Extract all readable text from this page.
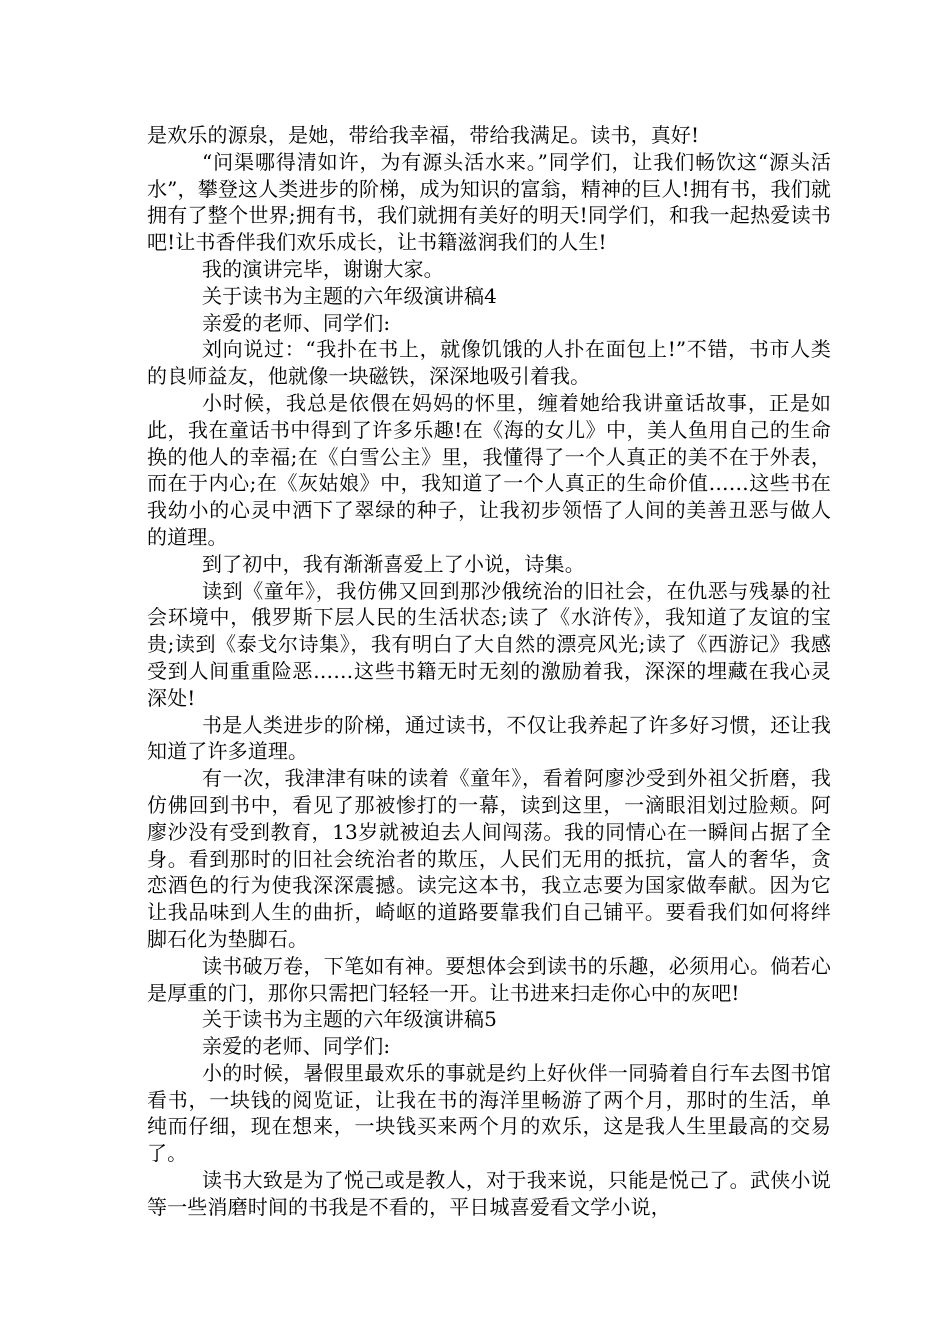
是欢乐的源泉，是她，带给我幸福，带给我满足。读书，真好!

“问渠哪得清如许，为有源头活水来。”同学们，让我们畅饮这“源头活水”，攀登这人类进步的阶梯，成为知识的富翁，精神的巨人!拥有书，我们就拥有了整个世界;拥有书，我们就拥有美好的明天!同学们，和我一起热爱读书吧!让书香伴我们欢乐成长，让书籍滋润我们的人生!

我的演讲完毕，谢谢大家。

关于读书为主题的六年级演讲稿4

亲爱的老师、同学们:

刘向说过：“我扑在书上，就像饥饿的人扑在面包上!”不错，书市人类的良师益友，他就像一块磁铁，深深地吸引着我。

小时候，我总是依偎在妈妈的怀里，缠着她给我讲童话故事，正是如此，我在童话书中得到了许多乐趣!在《海的女儿》中，美人鱼用自己的生命换的他人的幸福;在《白雪公主》里，我懂得了一个人真正的美不在于外表，而在于内心;在《灰姑娘》中，我知道了一个人真正的生命价值……这些书在我幼小的心灵中洒下了翠绿的种子，让我初步领悟了人间的美善丑恶与做人的道理。

到了初中，我有渐渐喜爱上了小说，诗集。

读到《童年》，我仿佛又回到那沙俄统治的旧社会，在仇恶与残暴的社会环境中，俄罗斯下层人民的生活状态;读了《水浒传》，我知道了友谊的宝贵;读到《泰戈尔诗集》，我有明白了大自然的漂亮风光;读了《西游记》我感受到人间重重险恶……这些书籍无时无刻的激励着我，深深的埋藏在我心灵深处!

书是人类进步的阶梯，通过读书，不仅让我养起了许多好习惯，还让我知道了许多道理。

有一次，我津津有味的读着《童年》，看着阿廖沙受到外祖父折磨，我仿佛回到书中，看见了那被惨打的一幕，读到这里，一滴眼泪划过脸颊。阿廖沙没有受到教育，13岁就被迫去人间闯荡。我的同情心在一瞬间占据了全身。看到那时的旧社会统治者的欺压，人民们无用的抵抗，富人的奢华，贪恋酒色的行为使我深深震撼。读完这本书，我立志要为国家做奉献。因为它让我品味到人生的曲折，崎岖的道路要靠我们自己铺平。要看我们如何将绊脚石化为垫脚石。

读书破万卷，下笔如有神。要想体会到读书的乐趣，必须用心。倘若心是厚重的门，那你只需把门轻轻一开。让书进来扫走你心中的灰吧!

关于读书为主题的六年级演讲稿5

亲爱的老师、同学们:

小的时候，暑假里最欢乐的事就是约上好伙伴一同骑着自行车去图书馆看书，一块钱的阅览证，让我在书的海洋里畅游了两个月，那时的生活，单纯而仔细，现在想来，一块钱买来两个月的欢乐，这是我人生里最高的交易了。

读书大致是为了悦己或是教人，对于我来说，只能是悦己了。武侠小说等一些消磨时间的书我是不看的，平日城喜爱看文学小说，
